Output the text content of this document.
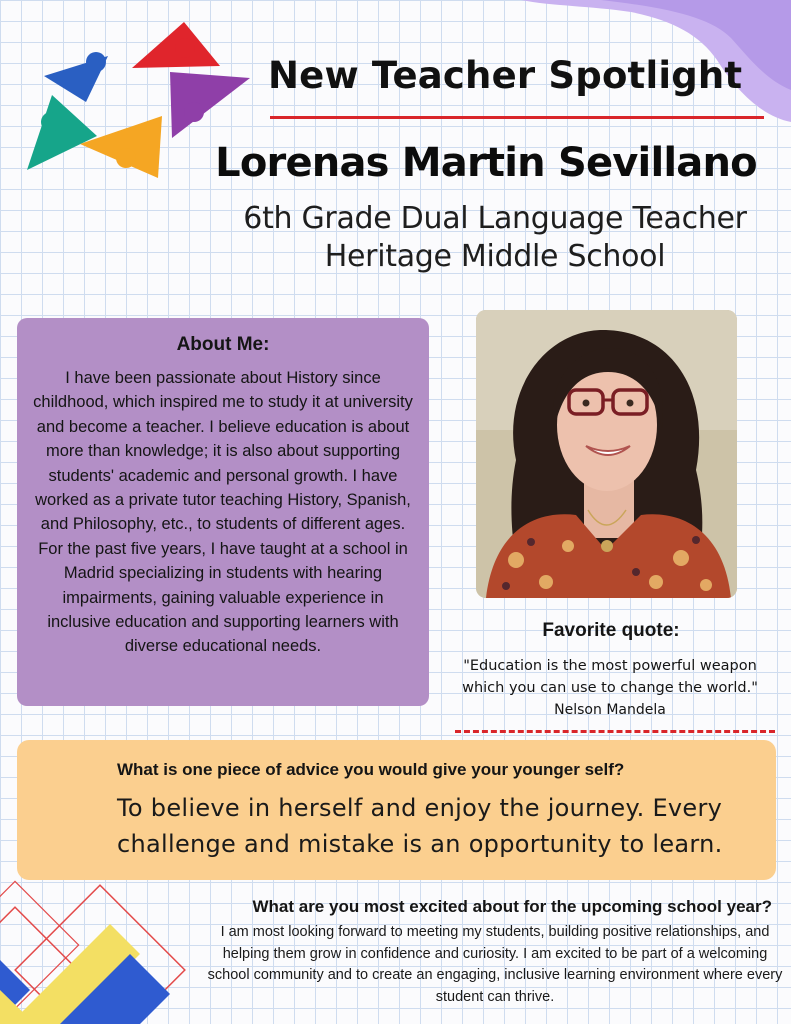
New Teacher Spotlight
Lorenas Martin Sevillano
6th Grade Dual Language Teacher
Heritage Middle School
About Me:

I have been passionate about History since childhood, which inspired me to study it at university and become a teacher. I believe education is about more than knowledge; it is also about supporting students' academic and personal growth. I have worked as a private tutor teaching History, Spanish, and Philosophy, etc., to students of different ages. For the past five years, I have taught at a school in Madrid specializing in students with hearing impairments, gaining valuable experience in inclusive education and supporting learners with diverse educational needs.

Favorite quote:
"Education is the most powerful weapon which you can use to change the world."
Nelson Mandela
What is one piece of advice you would give your younger self?
To believe in herself and enjoy the journey. Every challenge and mistake is an opportunity to learn.
What are you most excited about for the upcoming school year?
I am most looking forward to meeting my students, building positive relationships, and helping them grow in confidence and curiosity. I am excited to be part of a welcoming school community and to create an engaging, inclusive learning environment where every student can thrive.
